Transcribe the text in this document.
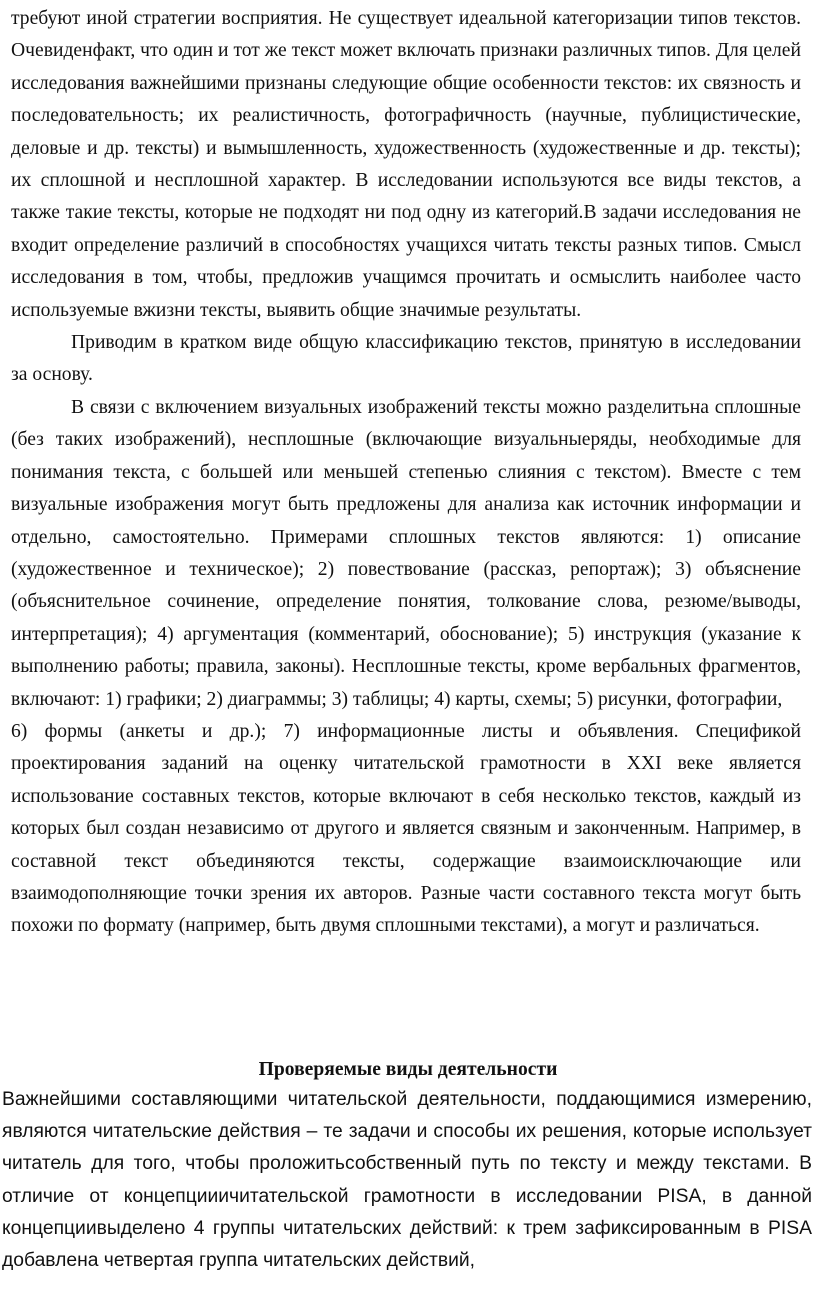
требуют иной стратегии восприятия. Не существует идеальной категоризации типов текстов. Очевиденфакт, что один и тот же текст может включать признаки различных типов. Для целей исследования важнейшими признаны следующие общие особенности текстов: их связность и последовательность; их реалистичность, фотографичность (научные, публицистические, деловые и др. тексты) и вымышленность, художественность (художественные и др. тексты); их сплошной и несплошной характер. В исследовании используются все виды текстов, а также такие тексты, которые не подходят ни под одну из категорий.В задачи исследования не входит определение различий в способностях учащихся читать тексты разных типов. Смысл исследования в том, чтобы, предложив учащимся прочитать и осмыслить наиболее часто используемые вжизни тексты, выявить общие значимые результаты.

Приводим в кратком виде общую классификацию текстов, принятую в исследовании за основу.

В связи с включением визуальных изображений тексты можно разделитьна сплошные (без таких изображений), несплошные (включающие визуальныеряды, необходимые для понимания текста, с большей или меньшей степенью слияния с текстом). Вместе с тем визуальные изображения могут быть предложены для анализа как источник информации и отдельно, самостоятельно. Примерами сплошных текстов являются: 1) описание (художественное и техническое); 2) повествование (рассказ, репортаж); 3) объяснение (объяснительное сочинение, определение понятия, толкование слова, резюме/выводы, интерпретация); 4) аргументация (комментарий, обоснование); 5) инструкция (указание к выполнению работы; правила, законы). Несплошные тексты, кроме вербальных фрагментов, включают: 1) графики; 2) диаграммы; 3) таблицы; 4) карты, схемы; 5) рисунки, фотографии,

6) формы (анкеты и др.); 7) информационные листы и объявления. Спецификой проектирования заданий на оценку читательской грамотности в XXI веке является использование составных текстов, которые включают в себя несколько текстов, каждый из которых был создан независимо от другого и является связным и законченным. Например, в составной текст объединяются тексты, содержащие взаимоисключающие или взаимодополняющие точки зрения их авторов. Разные части составного текста могут быть похожи по формату (например, быть двумя сплошными текстами), а могут и различаться.

Проверяемые виды деятельности

Важнейшими составляющими читательской деятельности, поддающимися измерению, являются читательские действия – те задачи и способы их решения, которые использует читатель для того, чтобы проложитьсобственный путь по тексту и между текстами. В отличие от концепцииичитательской грамотности в исследовании PISA, в данной концепциивыделено 4 группы читательских действий: к трем зафиксированным в PISA добавлена четвертая группа читательских действий,
